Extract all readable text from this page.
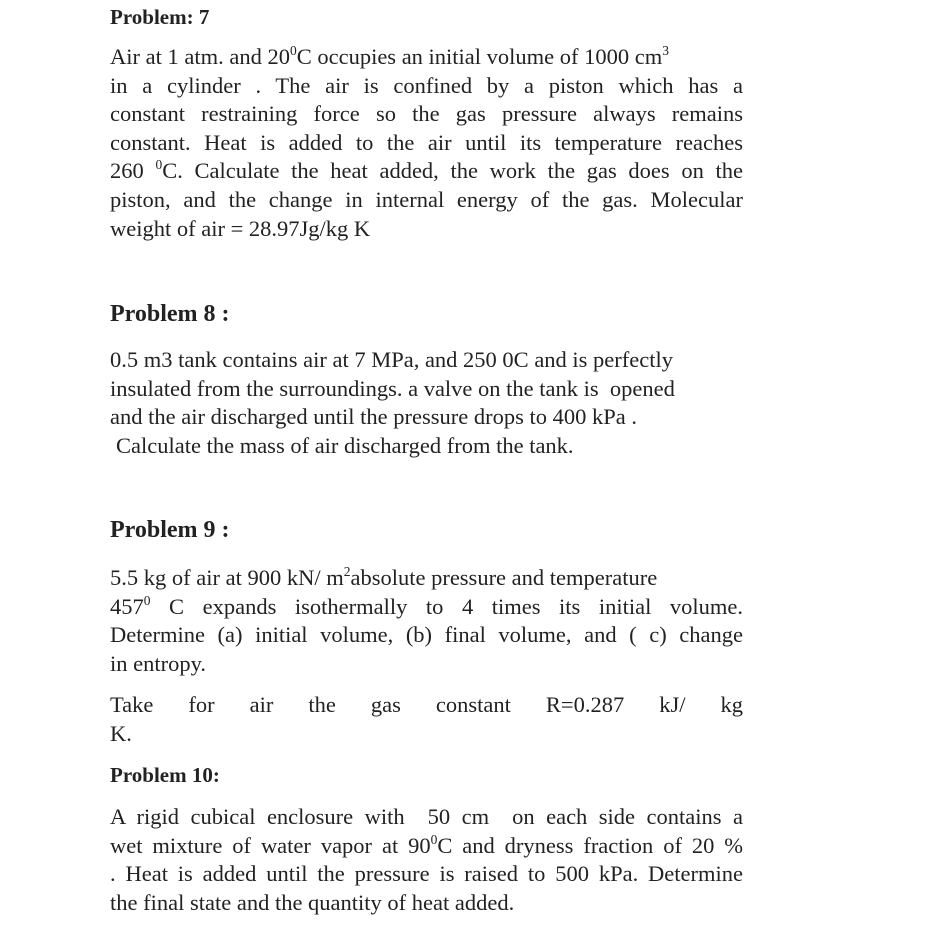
Problem: 7
Air at 1 atm. and $20^0C$ occupies an initial volume of 1000 $cm^3$
in a cylinder . The air is confined by a piston which has a
constant restraining force so the gas pressure always remains
constant. Heat is added to the air until its temperature reaches
260 $^0$C. Calculate the heat added, the work the gas does on the
piston, and the change in internal energy of the gas. Molecular
weight of air = 28.97Jg/kg K
Problem 8 :
0.5 m3 tank contains air at 7 MPa, and 250 0C and is perfectly
insulated from the surroundings. a valve on the tank is  opened
and the air discharged until the pressure drops to 400 kPa .
Calculate the mass of air discharged from the tank.
Problem 9 :
5.5 kg of air at 900 kN/ $m^2absolute$ pressure and temperature
$457^0$ C expands isothermally to 4 times its initial volume.
Determine (a) initial volume, (b) final volume, and ( c) change
in entropy.
Take for air the gas constant R=0.287 kJ/ kg
K.
Problem 10:
A rigid cubical enclosure with  50 cm  on each side contains a
wet mixture of water vapor at $90^0C$ and dryness fraction of 20 %
. Heat is added until the pressure is raised to 500 kPa. Determine
the final state and the quantity of heat added.
